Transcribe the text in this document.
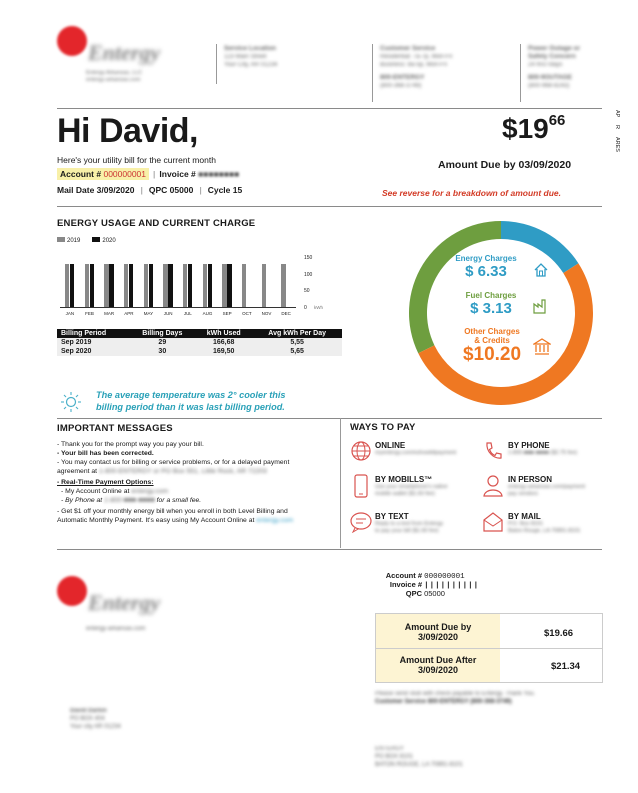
Entergy
Entergy Arkansas, LLC
entergy-arkansas.com
Service Location
123 Main Street
Your City, AR 01234
Customer Service
Residential: 7a-7p, Mon-Fri
Business: 8a-5p, Mon-Fri
800-ENTERGY
(800-368-3749)
Power Outage or
Safety Concern
24 hrs/7days
800-9OUTAGE
(800-968-8243)
Hi David,
Here's your utility bill for the current month
Account # 000000001 | Invoice # ■■■■■■■■
Mail Date 3/09/2020 | QPC 05000 | Cycle 15
$\$19^{66}$
Amount Due by 03/09/2020
See reverse for a breakdown of amount due.
AP
R
ARES
ENERGY USAGE AND CURRENT CHARGE
2019	2020
150
100
50
0 kWh
JAN	FEB	MAR	APR	MAY	JUN	JUL	AUG	SEP	OCT	NOV	DEC
Billing Period	Billing Days	kWh Used	Avg kWh Per Day
Sep 2019	29	166,68	5,55
Sep 2020	30	169,50	5,65
Energy Charges
$ 6.33
Fuel Charges
$ 3.13
Other Charges
& Credits
$10.20
The average temperature was 2° cooler this
billing period than it was last billing period.
IMPORTANT MESSAGES
- Thank you for the prompt way you pay your bill.
- Your bill has been corrected.
- You may contact us for billing or service problems, or for a delayed payment
agreement at 1-800-ENTERGY or PO Box 551, Little Rock, AR 72203
- Real-Time Payment Options:
- My Account Online at entergy.com
- By Phone at 1-800-■■■-■■■■ for a small fee.
- Get $1 off your monthly energy bill when you enroll in both Level Billing and
Automatic Monthly Payment. It's easy using My Account Online at entergy.com
WAYS TO PAY
ONLINE
myentergy.com/eshowbilpayment
BY PHONE
1-800-■■■-■■■■ ($2.75 fee)
BY MOBILLS™
Use your smartphone's native
mobile wallet ($1.60 fee)
IN PERSON
entergy-arkansas.com/payment
pay vendors
BY TEXT
Reply to a text from Entergy
to pay your bill ($1.60 fee)
BY MAIL
P.O. Box 8101
Baton Rouge, LA 70891-8101
Entergy
entergy-arkansas.com
Account # 000000001
Invoice # ||||||||||
QPC 05000
Amount Due by
3/09/2020	$19.66
Amount Due After
3/09/2020	$21.34
Please send stub with check payable to Entergy. Thank You.
Customer Service 800-ENTERGY (800-368-3749)
David Darkin
PO BOX 404
Your city AR 01234
ENTERGY
PO BOX 8101
BATON ROUGE, LA 70891-8101
